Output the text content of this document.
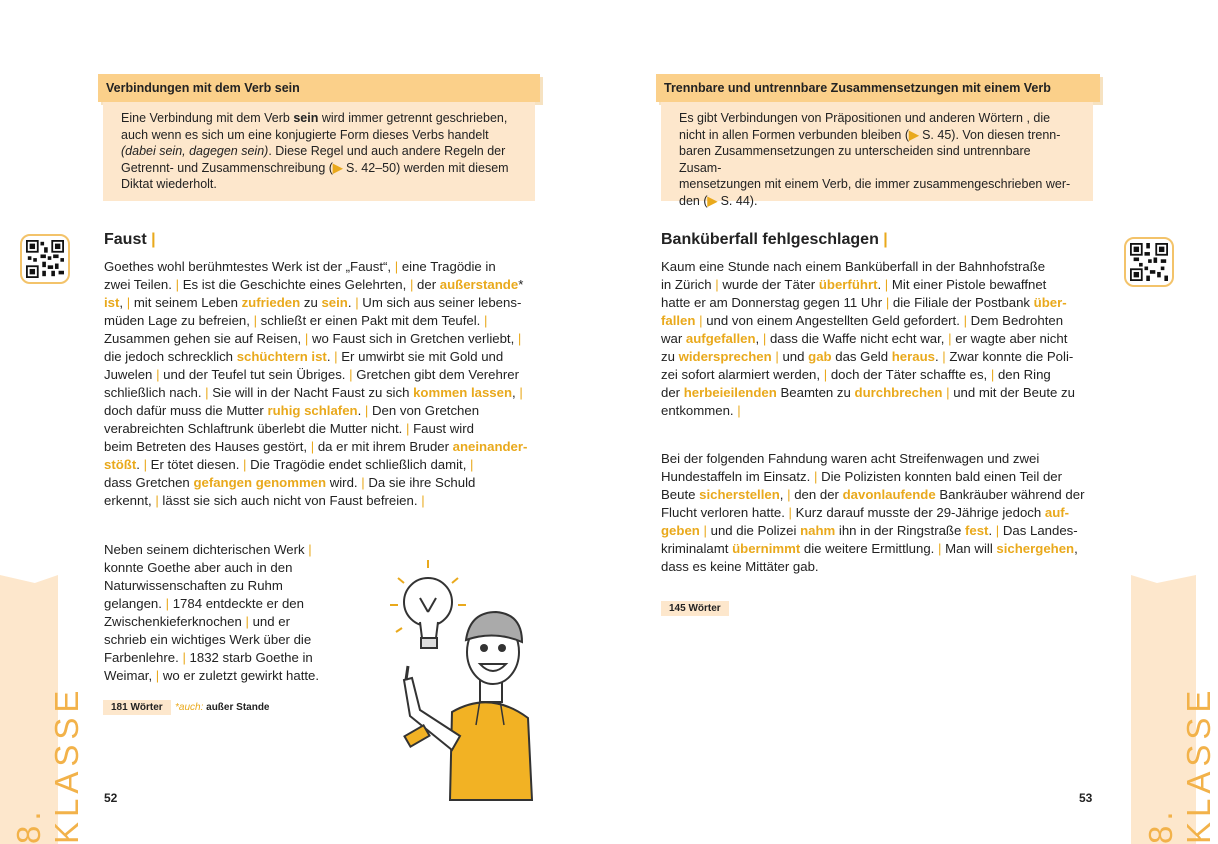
8. KLASSE	8. KLASSE
Verbindungen mit dem Verb sein
Eine Verbindung mit dem Verb sein wird immer getrennt geschrieben,
auch wenn es sich um eine konjugierte Form dieses Verbs handelt
(dabei sein, dagegen sein). Diese Regel und auch andere Regeln der
Getrennt- und Zusammenschreibung (▶ S. 42–50) werden mit diesem
Diktat wiederholt.
Faust |

Goethes wohl berühmtestes Werk ist der „Faust“, | eine Tragödie in

zwei Teilen. | Es ist die Geschichte eines Gelehrten, | der außerstande*

ist, | mit seinem Leben zufrieden zu sein. | Um sich aus seiner lebens-

müden Lage zu befreien, | schließt er einen Pakt mit dem Teufel. |

Zusammen gehen sie auf Reisen, | wo Faust sich in Gretchen verliebt, |

die jedoch schrecklich schüchtern ist. | Er umwirbt sie mit Gold und

Juwelen | und der Teufel tut sein Übriges. | Gretchen gibt dem Verehrer

schließlich nach. | Sie will in der Nacht Faust zu sich kommen lassen, |

doch dafür muss die Mutter ruhig schlafen. | Den von Gretchen

verabreichten Schlaftrunk überlebt die Mutter nicht. | Faust wird

beim Betreten des Hauses gestört, | da er mit ihrem Bruder aneinander-

stößt. | Er tötet diesen. | Die Tragödie endet schließlich damit, |

dass Gretchen gefangen genommen wird. | Da sie ihre Schuld

erkennt, | lässt sie sich auch nicht von Faust befreien. |

Neben seinem dichterischen Werk |

konnte Goethe aber auch in den

Naturwissenschaften zu Ruhm

gelangen. | 1784 entdeckte er den

Zwischenkieferknochen | und er

schrieb ein wichtiges Werk über die

Farbenlehre. | 1832 starb Goethe in

Weimar, | wo er zuletzt gewirkt hatte.

181 Wörter	*auch: außer Stande
52
Trennbare und untrennbare Zusammensetzungen mit einem Verb
Es gibt Verbindungen von Präpositionen und anderen Wörtern , die
nicht in allen Formen verbunden bleiben (▶ S. 45). Von diesen trenn-
baren Zusammensetzungen zu unterscheiden sind untrennbare Zusam-
mensetzungen mit einem Verb, die immer zusammengeschrieben wer-
den (▶ S. 44).
Banküberfall fehlgeschlagen |

Kaum eine Stunde nach einem Banküberfall in der Bahnhofstraße

in Zürich | wurde der Täter überführt. | Mit einer Pistole bewaffnet

hatte er am Donnerstag gegen 11 Uhr | die Filiale der Postbank über-

fallen | und von einem Angestellten Geld gefordert. | Dem Bedrohten

war aufgefallen, | dass die Waffe nicht echt war, | er wagte aber nicht

zu widersprechen | und gab das Geld heraus. | Zwar konnte die Poli-

zei sofort alarmiert werden, | doch der Täter schaffte es, | den Ring

der herbeieilenden Beamten zu durchbrechen | und mit der Beute zu

entkommen. |

Bei der folgenden Fahndung waren acht Streifenwagen und zwei

Hundestaffeln im Einsatz. | Die Polizisten konnten bald einen Teil der

Beute sicherstellen, | den der davonlaufende Bankräuber während der

Flucht verloren hatte. | Kurz darauf musste der 29-Jährige jedoch auf-

geben | und die Polizei nahm ihn in der Ringstraße fest. | Das Landes-

kriminalamt übernimmt die weitere Ermittlung. | Man will sichergehen,

dass es keine Mittäter gab.

145 Wörter
53
